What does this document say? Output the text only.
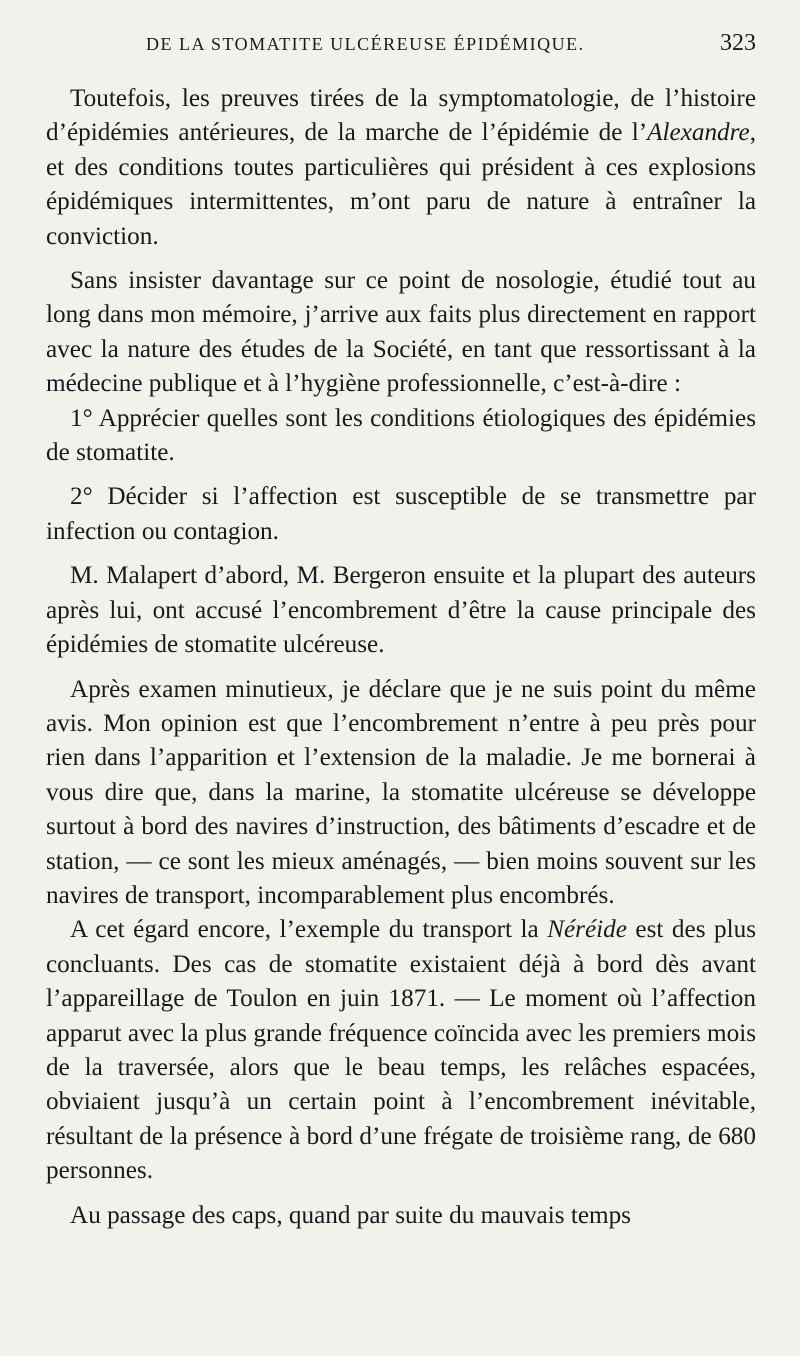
DE LA STOMATITE ULCÉREUSE ÉPIDÉMIQUE.	323

Toutefois, les preuves tirées de la symptomatologie, de l’histoire d’épidémies antérieures, de la marche de l’épidémie de l’Alexandre, et des conditions toutes particulières qui président à ces explosions épidémiques intermittentes, m’ont paru de nature à entraîner la conviction.

Sans insister davantage sur ce point de nosologie, étudié tout au long dans mon mémoire, j’arrive aux faits plus directement en rapport avec la nature des études de la Société, en tant que ressortissant à la médecine publique et à l’hygiène professionnelle, c’est-à-dire :

1° Apprécier quelles sont les conditions étiologiques des épidémies de stomatite.

2° Décider si l’affection est susceptible de se transmettre par infection ou contagion.

M. Malapert d’abord, M. Bergeron ensuite et la plupart des auteurs après lui, ont accusé l’encombrement d’être la cause principale des épidémies de stomatite ulcéreuse.

Après examen minutieux, je déclare que je ne suis point du même avis. Mon opinion est que l’encombrement n’entre à peu près pour rien dans l’apparition et l’extension de la maladie. Je me bornerai à vous dire que, dans la marine, la stomatite ulcéreuse se développe surtout à bord des navires d’instruction, des bâtiments d’escadre et de station, — ce sont les mieux aménagés, — bien moins souvent sur les navires de transport, incomparablement plus encombrés.

A cet égard encore, l’exemple du transport la Néréide est des plus concluants. Des cas de stomatite existaient déjà à bord dès avant l’appareillage de Toulon en juin 1871. — Le moment où l’affection apparut avec la plus grande fréquence coïncida avec les premiers mois de la traversée, alors que le beau temps, les relâches espacées, obviaient jusqu’à un certain point à l’encombrement inévitable, résultant de la présence à bord d’une frégate de troisième rang, de 680 personnes.

Au passage des caps, quand par suite du mauvais temps
